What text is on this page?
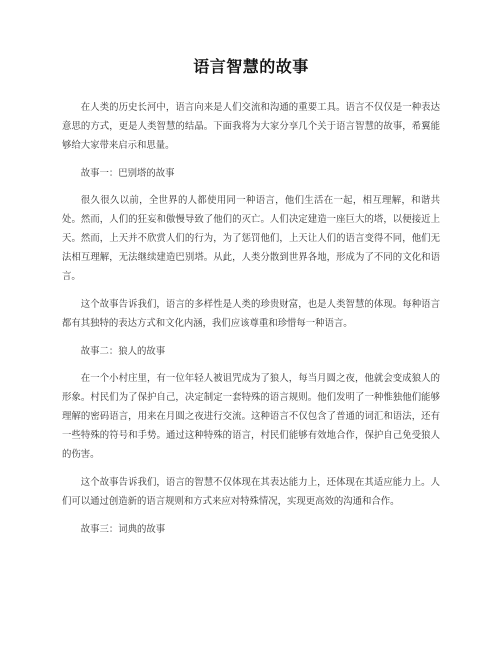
语言智慧的故事

在人类的历史长河中，语言向来是人们交流和沟通的重要工具。语言不仅仅是一种表达意思的方式，更是人类智慧的结晶。下面我将为大家分享几个关于语言智慧的故事，希翼能够给大家带来启示和思量。

故事一：巴别塔的故事

很久很久以前，全世界的人都使用同一种语言，他们生活在一起，相互理解，和谐共处。然而，人们的狂妄和傲慢导致了他们的灭亡。人们决定建造一座巨大的塔，以便接近上天。然而，上天并不欣赏人们的行为，为了惩罚他们，上天让人们的语言变得不同，他们无法相互理解，无法继续建造巴别塔。从此，人类分散到世界各地，形成为了不同的文化和语言。

这个故事告诉我们，语言的多样性是人类的珍贵财富，也是人类智慧的体现。每种语言都有其独特的表达方式和文化内涵，我们应该尊重和珍惜每一种语言。

故事二：狼人的故事

在一个小村庄里，有一位年轻人被诅咒成为了狼人，每当月圆之夜，他就会变成狼人的形象。村民们为了保护自己，决定制定一套特殊的语言规则。他们发明了一种惟独他们能够理解的密码语言，用来在月圆之夜进行交流。这种语言不仅包含了普通的词汇和语法，还有一些特殊的符号和手势。通过这种特殊的语言，村民们能够有效地合作，保护自己免受狼人的伤害。

这个故事告诉我们，语言的智慧不仅体现在其表达能力上，还体现在其适应能力上。人们可以通过创造新的语言规则和方式来应对特殊情况，实现更高效的沟通和合作。

故事三：词典的故事
